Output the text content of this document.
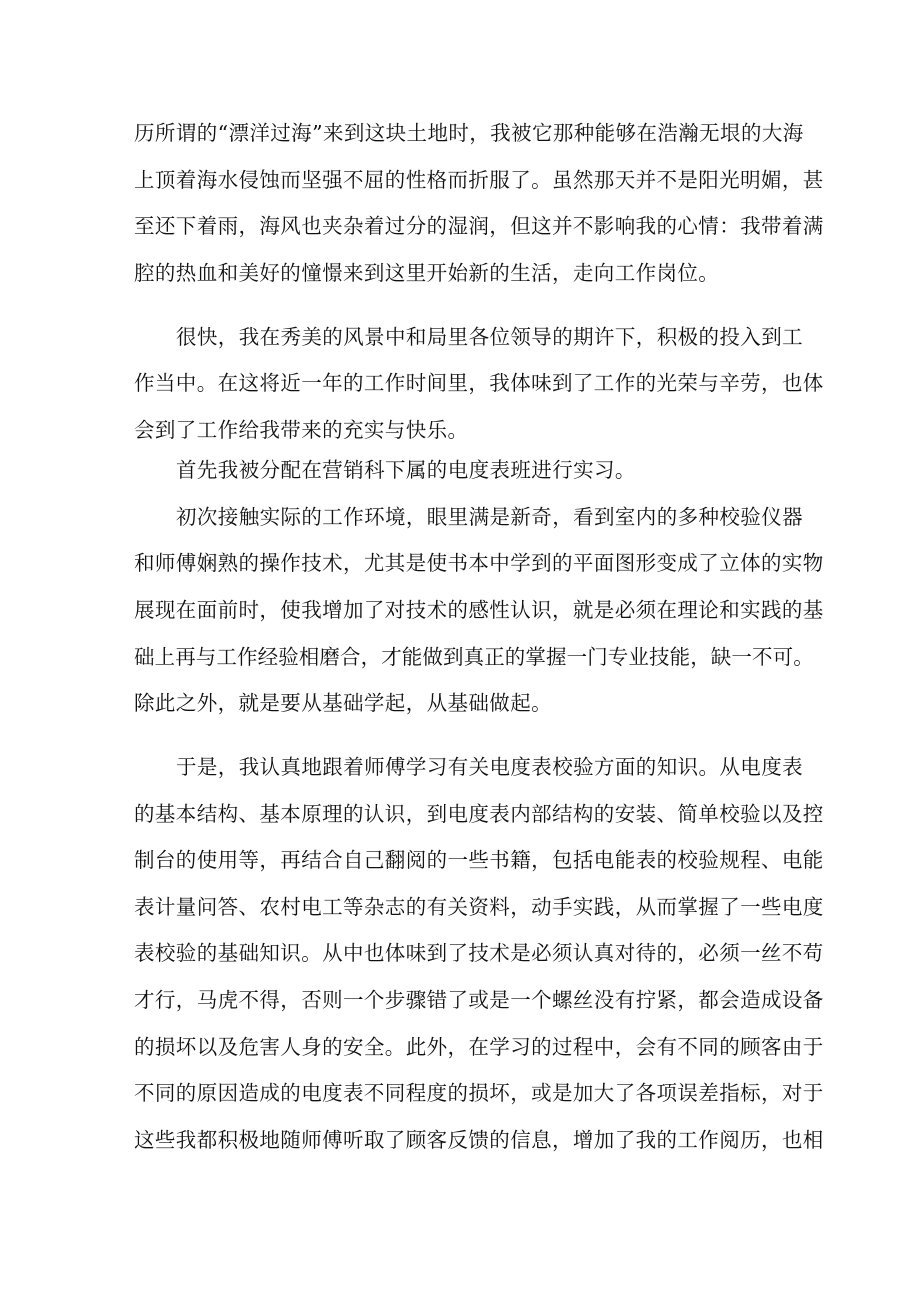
历所谓的“漂洋过海”来到这块土地时，我被它那种能够在浩瀚无垠的大海
上顶着海水侵蚀而坚强不屈的性格而折服了。虽然那天并不是阳光明媚，甚
至还下着雨，海风也夹杂着过分的湿润，但这并不影响我的心情：我带着满
腔的热血和美好的憧憬来到这里开始新的生活，走向工作岗位。
很快，我在秀美的风景中和局里各位领导的期许下，积极的投入到工
作当中。在这将近一年的工作时间里，我体味到了工作的光荣与辛劳，也体
会到了工作给我带来的充实与快乐。
首先我被分配在营销科下属的电度表班进行实习。
初次接触实际的工作环境，眼里满是新奇，看到室内的多种校验仪器
和师傅娴熟的操作技术，尤其是使书本中学到的平面图形变成了立体的实物
展现在面前时，使我增加了对技术的感性认识，就是必须在理论和实践的基
础上再与工作经验相磨合，才能做到真正的掌握一门专业技能，缺一不可。
除此之外，就是要从基础学起，从基础做起。
于是，我认真地跟着师傅学习有关电度表校验方面的知识。从电度表
的基本结构、基本原理的认识，到电度表内部结构的安装、简单校验以及控
制台的使用等，再结合自己翻阅的一些书籍，包括电能表的校验规程、电能
表计量问答、农村电工等杂志的有关资料，动手实践，从而掌握了一些电度
表校验的基础知识。从中也体味到了技术是必须认真对待的，必须一丝不苟
才行，马虎不得，否则一个步骤错了或是一个螺丝没有拧紧，都会造成设备
的损坏以及危害人身的安全。此外，在学习的过程中，会有不同的顾客由于
不同的原因造成的电度表不同程度的损坏，或是加大了各项误差指标，对于
这些我都积极地随师傅听取了顾客反馈的信息，增加了我的工作阅历，也相
